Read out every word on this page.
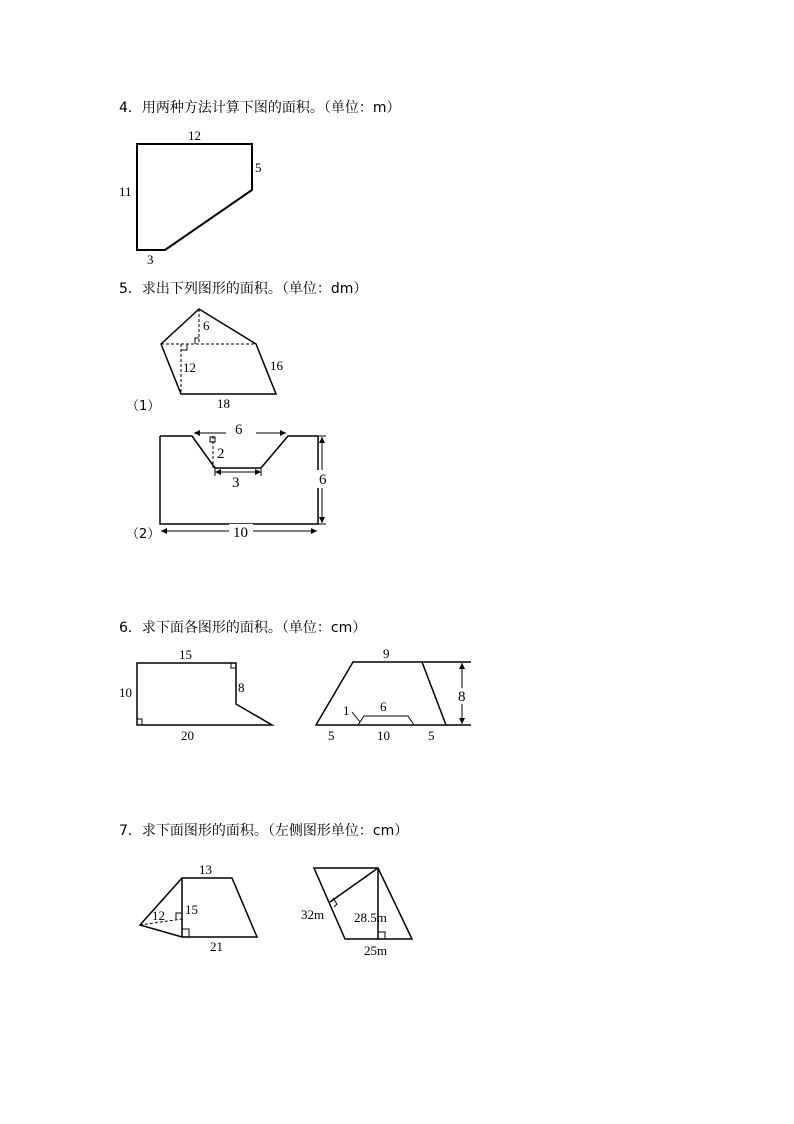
4．用两种方法计算下图的面积。（单位：m）
5．求出下列图形的面积。（单位：dm）
6．求下面各图形的面积。（单位：cm）
7．求下面图形的面积。（左侧图形单位：cm）
（1）
（2）
12
5
11
3
6
12	16
18
6
2
3	6
10
15
10	8
20
1 6
8
9
5	10	5
13
12 15
21
32m 28.5m
25m
